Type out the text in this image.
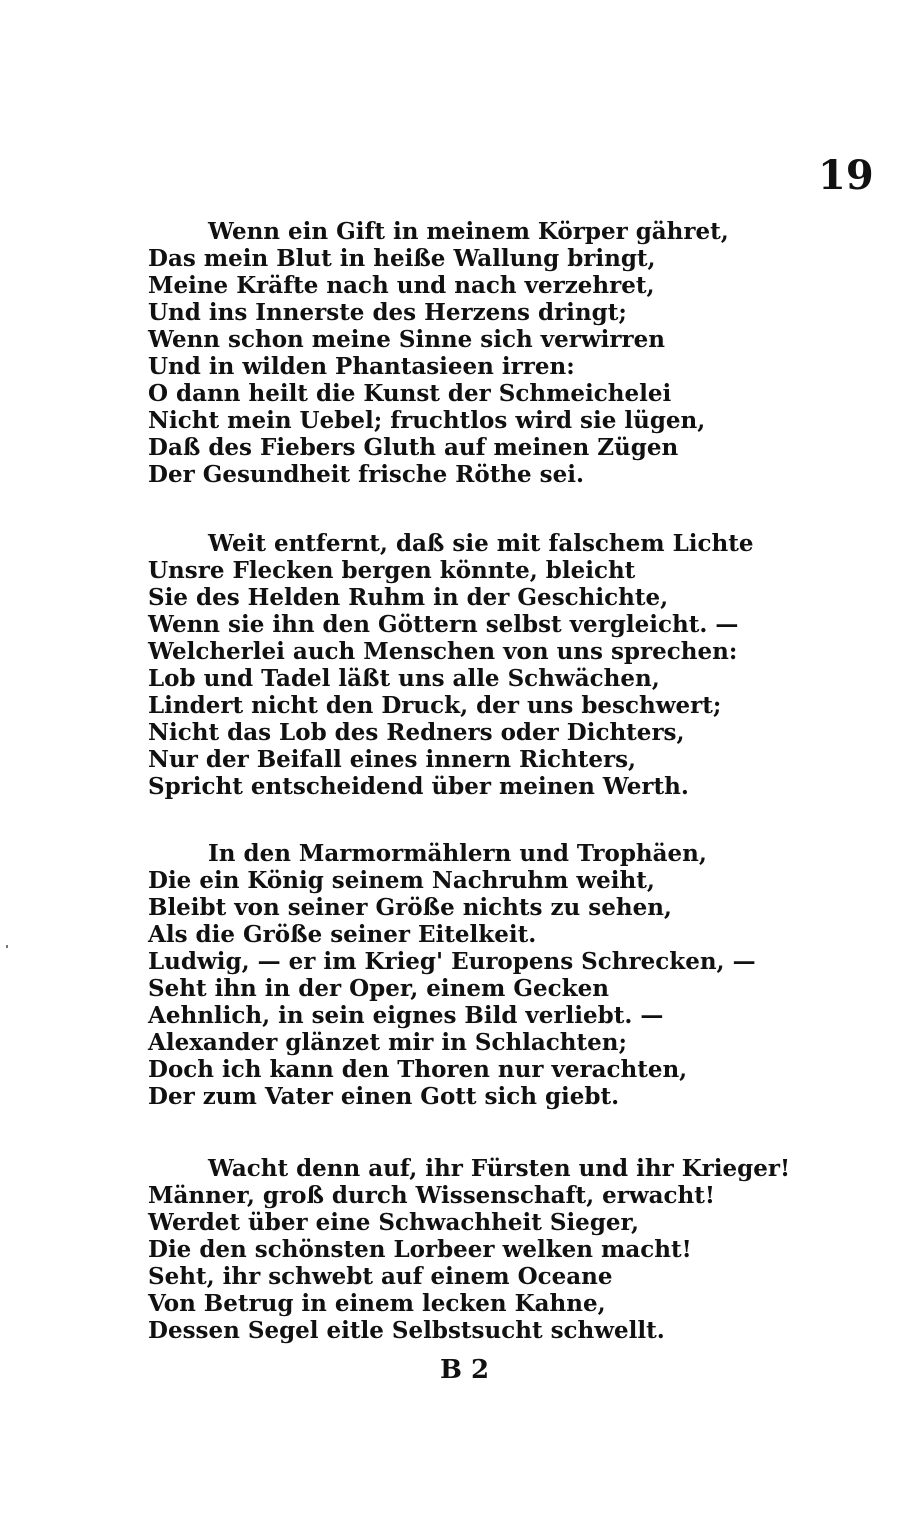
19
Wenn ein Gift in meinem Körper gähret,
Das mein Blut in heiße Wallung bringt,
Meine Kräfte nach und nach verzehret,
Und ins Innerste des Herzens dringt;
Wenn schon meine Sinne sich verwirren
Und in wilden Phantasieen irren:
O dann heilt die Kunst der Schmeichelei
Nicht mein Uebel; fruchtlos wird sie lügen,
Daß des Fiebers Gluth auf meinen Zügen
Der Gesundheit frische Röthe sei.
Weit entfernt, daß sie mit falschem Lichte
Unsre Flecken bergen könnte, bleicht
Sie des Helden Ruhm in der Geschichte,
Wenn sie ihn den Göttern selbst vergleicht. —
Welcherlei auch Menschen von uns sprechen:
Lob und Tadel läßt uns alle Schwächen,
Lindert nicht den Druck, der uns beschwert;
Nicht das Lob des Redners oder Dichters,
Nur der Beifall eines innern Richters,
Spricht entscheidend über meinen Werth.
In den Marmormählern und Trophäen,
Die ein König seinem Nachruhm weiht,
Bleibt von seiner Größe nichts zu sehen,
Als die Größe seiner Eitelkeit.
Ludwig, — er im Krieg' Europens Schrecken, —
Seht ihn in der Oper, einem Gecken
Aehnlich, in sein eignes Bild verliebt. —
Alexander glänzet mir in Schlachten;
Doch ich kann den Thoren nur verachten,
Der zum Vater einen Gott sich giebt.
Wacht denn auf, ihr Fürsten und ihr Krieger!
Männer, groß durch Wissenschaft, erwacht!
Werdet über eine Schwachheit Sieger,
Die den schönsten Lorbeer welken macht!
Seht, ihr schwebt auf einem Oceane
Von Betrug in einem lecken Kahne,
Dessen Segel eitle Selbstsucht schwellt.
B 2
